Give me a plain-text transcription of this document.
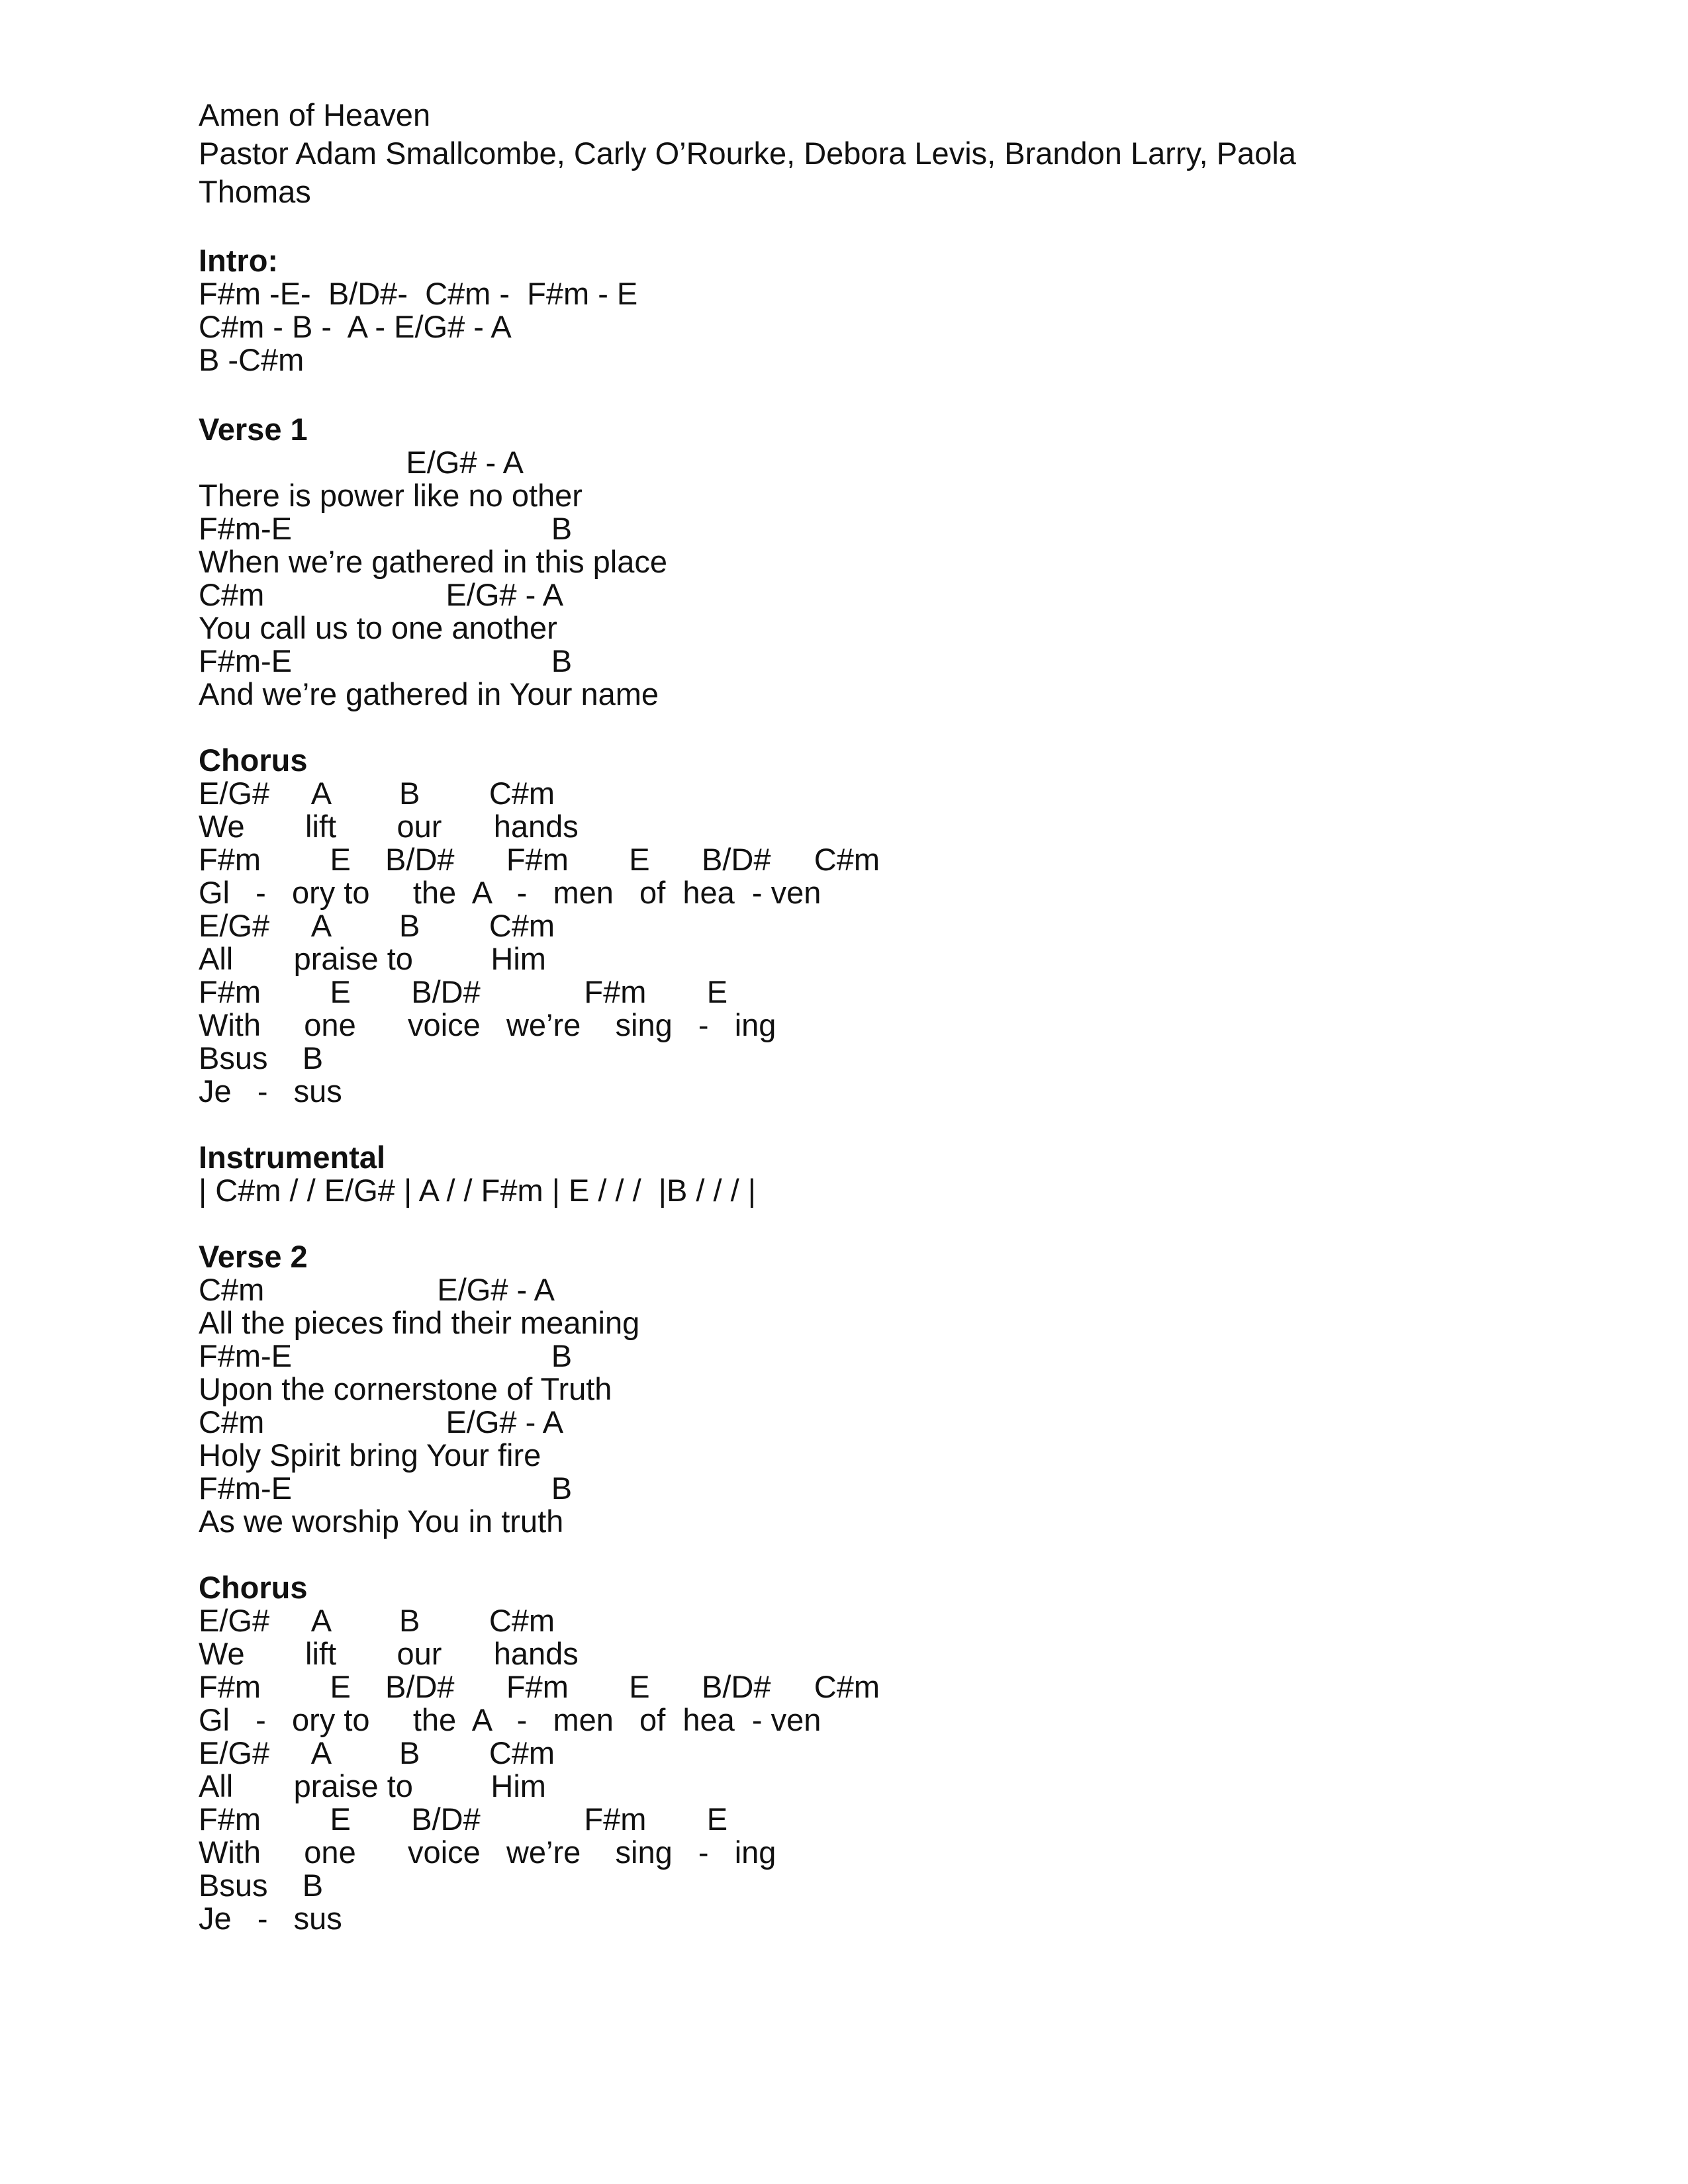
Amen of Heaven

Pastor Adam Smallcombe, Carly O’Rourke, Debora Levis, Brandon Larry, Paola

Thomas

Intro:

F#m -E-  B/D#-  C#m -  F#m - E

C#m - B -  A - E/G# - A

B -C#m

Verse 1

E/G# - A

There is power like no other

F#m-E                              B

When we’re gathered in this place

C#m                     E/G# - A

You call us to one another

F#m-E                              B

And we’re gathered in Your name

Chorus

E/G#     A        B        C#m

We       lift       our      hands

F#m        E    B/D#      F#m       E      B/D#     C#m

Gl   -   ory to     the  A   -   men   of  hea  - ven

E/G#     A        B        C#m

All       praise to         Him

F#m        E       B/D#            F#m       E

With     one      voice   we’re    sing   -   ing

Bsus    B

Je   -   sus

Instrumental

| C#m / / E/G# | A / / F#m | E / / /  |B / / / |

Verse 2

C#m                    E/G# - A

All the pieces find their meaning

F#m-E                              B

Upon the cornerstone of Truth

C#m                     E/G# - A

Holy Spirit bring Your fire

F#m-E                              B

As we worship You in truth

Chorus

E/G#     A        B        C#m

We       lift       our      hands

F#m        E    B/D#      F#m       E      B/D#     C#m

Gl   -   ory to     the  A   -   men   of  hea  - ven

E/G#     A        B        C#m

All       praise to         Him

F#m        E       B/D#            F#m       E

With     one      voice   we’re    sing   -   ing

Bsus    B

Je   -   sus
